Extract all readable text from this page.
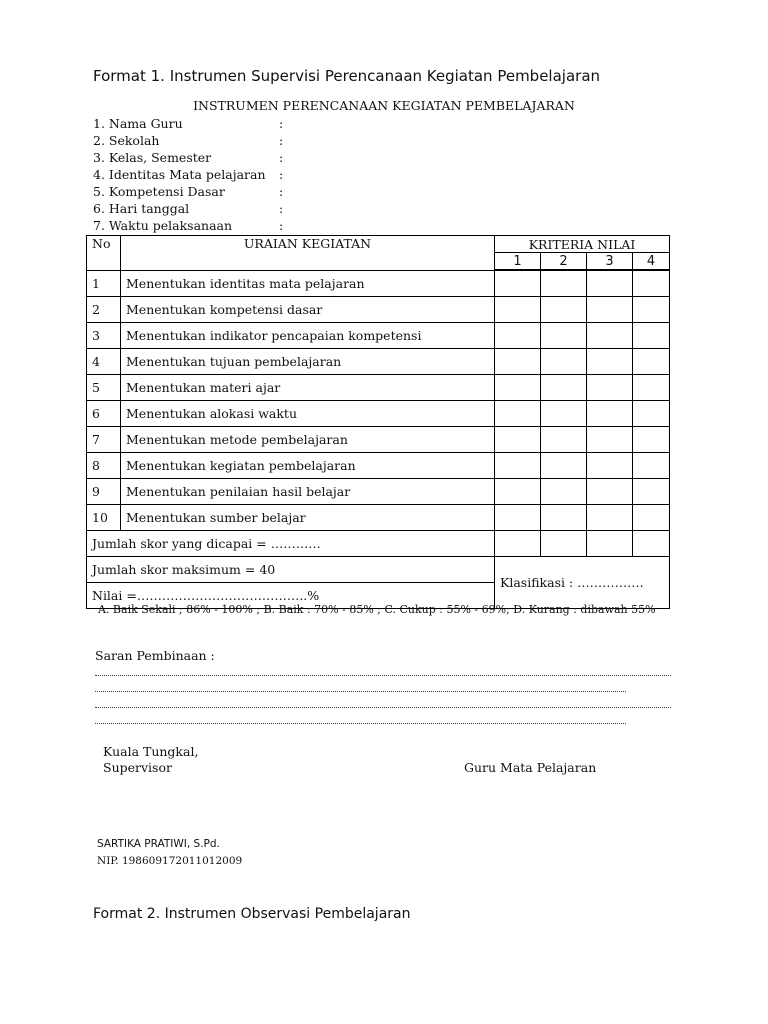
Format 1. Instrumen Supervisi Perencanaan Kegiatan Pembelajaran
INSTRUMEN PERENCANAAN KEGIATAN PEMBELAJARAN
1. Nama Guru	:
2. Sekolah	:
3. Kelas, Semester	:
4. Identitas Mata pelajaran :
5. Kompetensi Dasar	:
6. Hari tanggal	:
7. Waktu pelaksanaan	:
No	URAIAN KEGIATAN	KRITERIA NILAI			
		1	2	3	4
1	Menentukan identitas mata pelajaran				
2	Menentukan kompetensi dasar				
3	Menentukan indikator pencapaian kompetensi				
4	Menentukan tujuan pembelajaran				
5	Menentukan materi ajar				
6	Menentukan alokasi waktu				
7	Menentukan metode pembelajaran				
8	Menentukan kegiatan pembelajaran				
9	Menentukan penilaian hasil belajar				
10	Menentukan sumber belajar				
Jumlah skor yang dicapai = …………					
Jumlah skor maksimum = 40		Klasifikasi : …………….			
Nilai =…………………………………..%					
A. Baik Sekali ; 86% - 100% ; B. Baik : 70% - 85% ; C. Cukup : 55% - 69%; D. Kurang : dibawah 55%
Saran Pembinaan :
Kuala Tungkal,
Supervisor	Guru Mata Pelajaran
SARTIKA PRATIWI, S.Pd.
NIP. 198609172011012009
Format 2. Instrumen Observasi Pembelajaran
